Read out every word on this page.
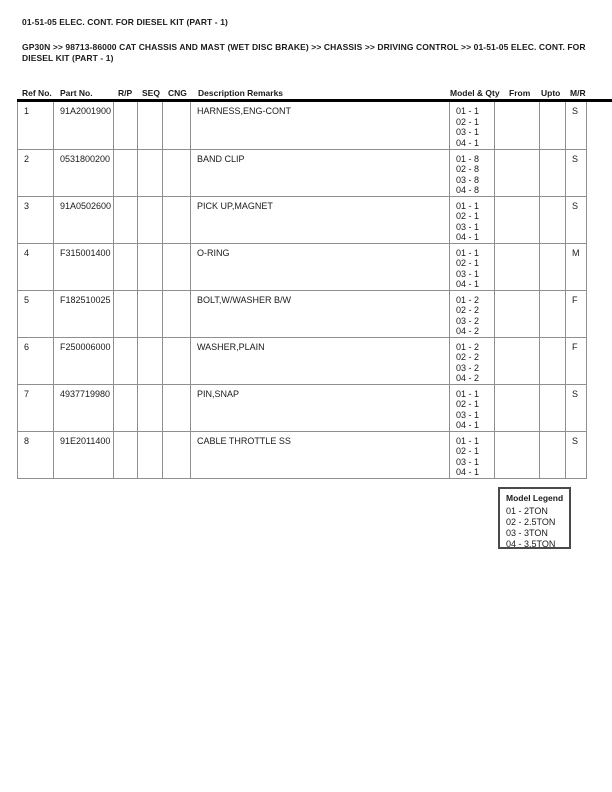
01-51-05 ELEC. CONT. FOR DIESEL KIT (PART - 1)
GP30N >> 98713-86000 CAT CHASSIS AND MAST (WET DISC BRAKE) >> CHASSIS >> DRIVING CONTROL >> 01-51-05 ELEC. CONT. FOR DIESEL KIT (PART - 1)
Ref No. Part No.	R/P SEQ CNG Description Remarks	Model & Qty From Upto M/R
1	91A2001900				HARNESS,ENG-CONT	01 - 1
02 - 1
03 - 1
04 - 1			S
2	0531800200				BAND CLIP	01 - 8
02 - 8
03 - 8
04 - 8			S
3	91A0502600				PICK UP,MAGNET	01 - 1
02 - 1
03 - 1
04 - 1			S
4	F315001400				O-RING	01 - 1
02 - 1
03 - 1
04 - 1			M
5	F182510025				BOLT,W/WASHER B/W	01 - 2
02 - 2
03 - 2
04 - 2			F
6	F250006000				WASHER,PLAIN	01 - 2
02 - 2
03 - 2
04 - 2			F
7	4937719980				PIN,SNAP	01 - 1
02 - 1
03 - 1
04 - 1			S
8	91E2011400				CABLE THROTTLE SS	01 - 1
02 - 1
03 - 1
04 - 1			S
Model Legend
01 - 2TON
02 - 2.5TON
03 - 3TON
04 - 3.5TON
